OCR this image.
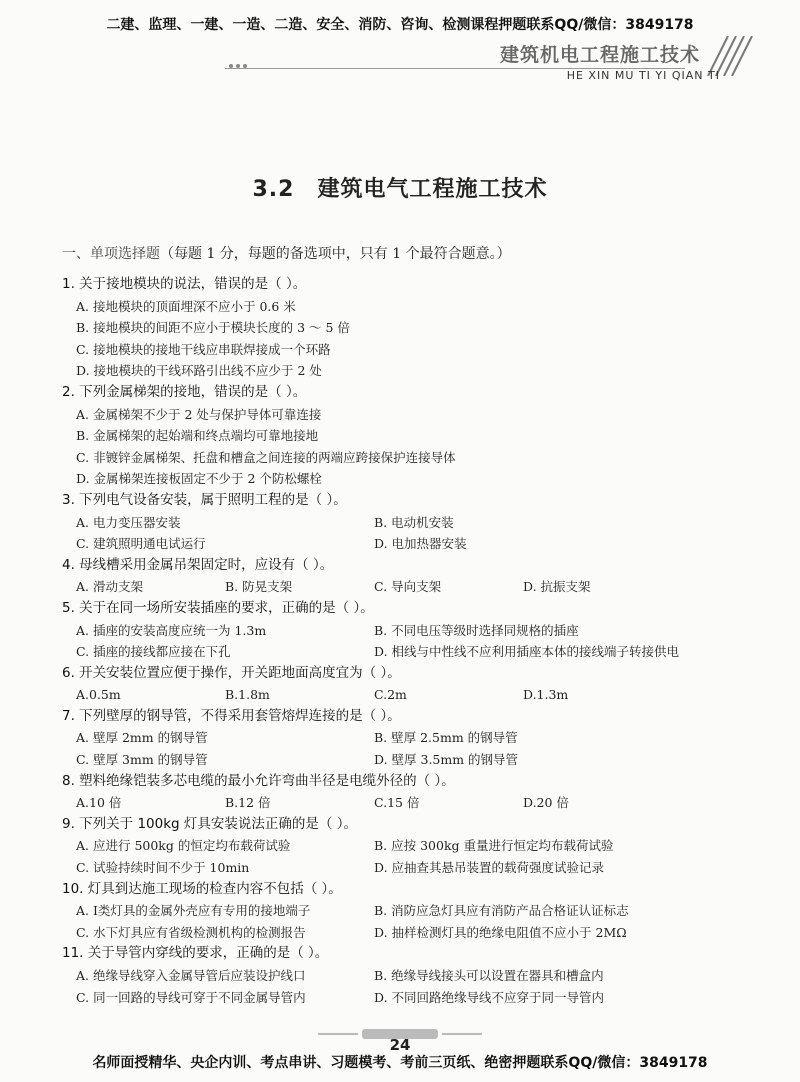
二建、监理、一建、一造、二造、安全、消防、咨询、检测课程押题联系QQ/微信：3849178
建筑机电工程施工技术
HE XIN MU TI YI QIAN TI
3.2　建筑电气工程施工技术
一、单项选择题（每题 1 分，每题的备选项中，只有 1 个最符合题意。）
1. 关于接地模块的说法，错误的是（ ）。
A. 接地模块的顶面埋深不应小于 0.6 米
B. 接地模块的间距不应小于模块长度的 3 ～ 5 倍
C. 接地模块的接地干线应串联焊接成一个环路
D. 接地模块的干线环路引出线不应少于 2 处
2. 下列金属梯架的接地，错误的是（ ）。
A. 金属梯架不少于 2 处与保护导体可靠连接
B. 金属梯架的起始端和终点端均可靠地接地
C. 非镀锌金属梯架、托盘和槽盒之间连接的两端应跨接保护连接导体
D. 金属梯架连接板固定不少于 2 个防松螺栓
3. 下列电气设备安装，属于照明工程的是（ ）。
A. 电力变压器安装	B. 电动机安装
C. 建筑照明通电试运行	D. 电加热器安装
4. 母线槽采用金属吊架固定时，应设有（ ）。
A. 滑动支架	B. 防晃支架	C. 导向支架	D. 抗振支架
5. 关于在同一场所安装插座的要求，正确的是（ ）。
A. 插座的安装高度应统一为 1.3m	B. 不同电压等级时选择同规格的插座
C. 插座的接线都应接在下孔	D. 相线与中性线不应利用插座本体的接线端子转接供电
6. 开关安装位置应便于操作，开关距地面高度宜为（ ）。
A.0.5m	B.1.8m	C.2m	D.1.3m
7. 下列壁厚的钢导管，不得采用套管熔焊连接的是（ ）。
A. 壁厚 2mm 的钢导管	B. 壁厚 2.5mm 的钢导管
C. 壁厚 3mm 的钢导管	D. 壁厚 3.5mm 的钢导管
8. 塑料绝缘铠装多芯电缆的最小允许弯曲半径是电缆外径的（ ）。
A.10 倍	B.12 倍	C.15 倍	D.20 倍
9. 下列关于 100kg 灯具安装说法正确的是（ ）。
A. 应进行 500kg 的恒定均布载荷试验	B. 应按 300kg 重量进行恒定均布载荷试验
C. 试验持续时间不少于 10min	D. 应抽查其悬吊装置的载荷强度试验记录
10. 灯具到达施工现场的检查内容不包括（ ）。
A. Ⅰ类灯具的金属外壳应有专用的接地端子	B. 消防应急灯具应有消防产品合格证认证标志
C. 水下灯具应有省级检测机构的检测报告	D. 抽样检测灯具的绝缘电阻值不应小于 2MΩ
11. 关于导管内穿线的要求，正确的是（ ）。
A. 绝缘导线穿入金属导管后应装设护线口	B. 绝缘导线接头可以设置在器具和槽盒内
C. 同一回路的导线可穿于不同金属导管内	D. 不同回路绝缘导线不应穿于同一导管内
24
名师面授精华、央企内训、考点串讲、习题模考、考前三页纸、绝密押题联系QQ/微信：3849178
